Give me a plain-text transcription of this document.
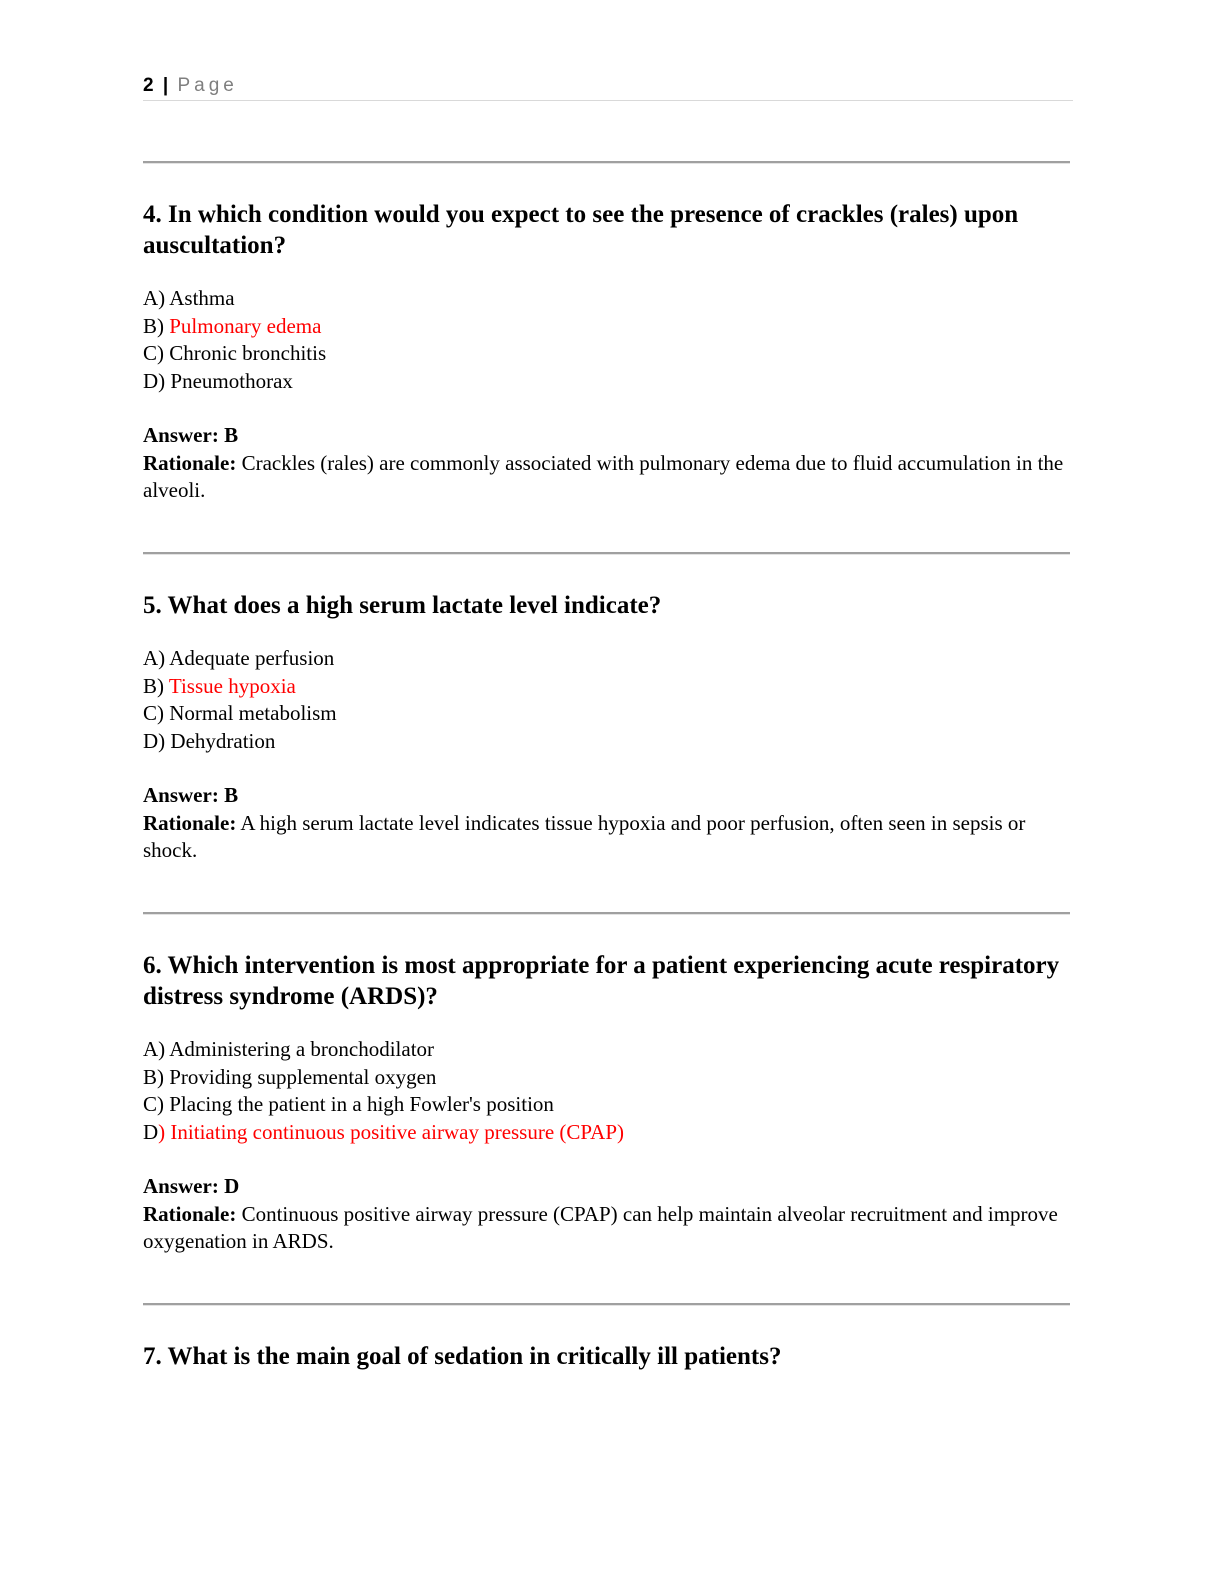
2 | Page

4. In which condition would you expect to see the presence of crackles (rales) upon auscultation?

A) Asthma
B) Pulmonary edema
C) Chronic bronchitis
D) Pneumothorax
Answer: B
Rationale: Crackles (rales) are commonly associated with pulmonary edema due to fluid accumulation in the alveoli.

5. What does a high serum lactate level indicate?

A) Adequate perfusion
B) Tissue hypoxia
C) Normal metabolism
D) Dehydration
Answer: B
Rationale: A high serum lactate level indicates tissue hypoxia and poor perfusion, often seen in sepsis or shock.

6. Which intervention is most appropriate for a patient experiencing acute respiratory distress syndrome (ARDS)?

A) Administering a bronchodilator
B) Providing supplemental oxygen
C) Placing the patient in a high Fowler's position
D) Initiating continuous positive airway pressure (CPAP)
Answer: D
Rationale: Continuous positive airway pressure (CPAP) can help maintain alveolar recruitment and improve oxygenation in ARDS.

7. What is the main goal of sedation in critically ill patients?
